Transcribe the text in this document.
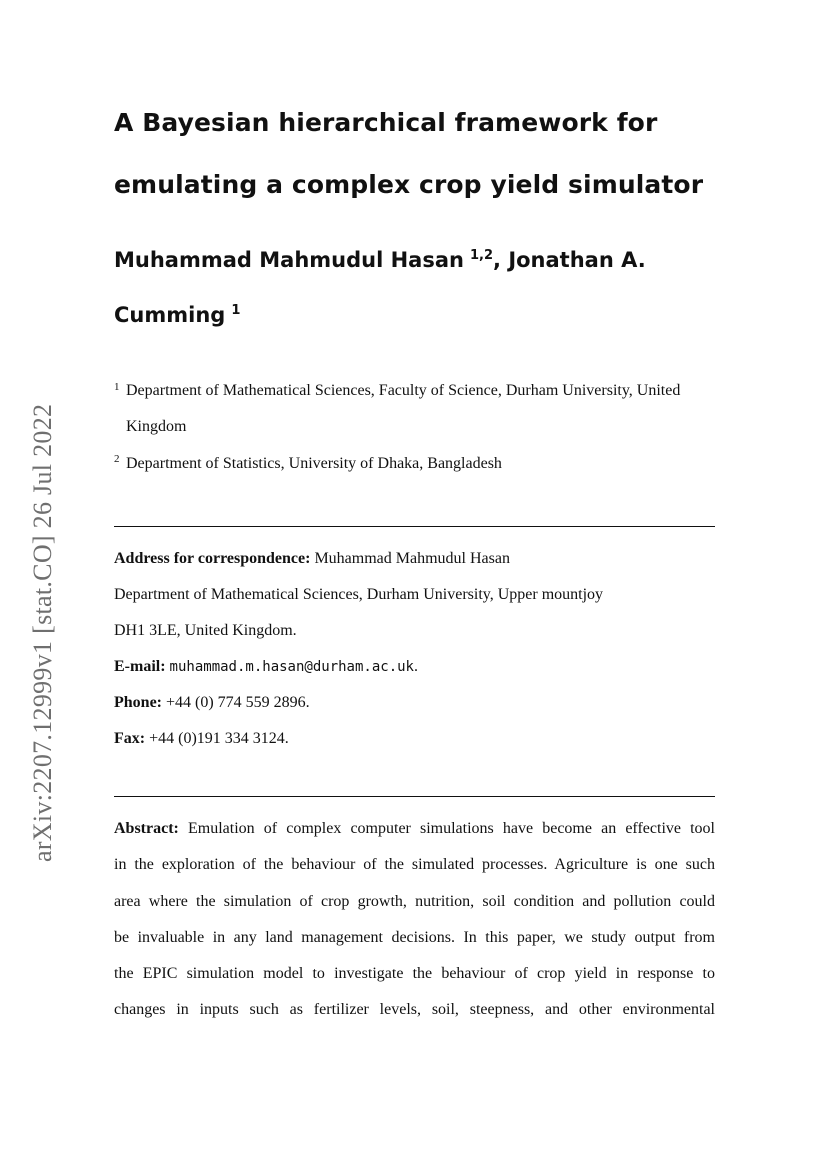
arXiv:2207.12999v1 [stat.CO] 26 Jul 2022
A Bayesian hierarchical framework for
emulating a complex crop yield simulator
Muhammad Mahmudul Hasan $^{1,2}$, Jonathan A.
Cumming $^1$
1 Department of Mathematical Sciences, Faculty of Science, Durham University, United
Kingdom
2 Department of Statistics, University of Dhaka, Bangladesh
Address for correspondence: Muhammad Mahmudul Hasan
Department of Mathematical Sciences, Durham University, Upper mountjoy
DH1 3LE, United Kingdom.
E-mail: muhammad.m.hasan@durham.ac.uk.
Phone: +44 (0) 774 559 2896.
Fax: +44 (0)191 334 3124.
Abstract: Emulation of complex computer simulations have become an effective tool
in the exploration of the behaviour of the simulated processes. Agriculture is one such
area where the simulation of crop growth, nutrition, soil condition and pollution could
be invaluable in any land management decisions. In this paper, we study output from
the EPIC simulation model to investigate the behaviour of crop yield in response to
changes in inputs such as fertilizer levels, soil, steepness, and other environmental
